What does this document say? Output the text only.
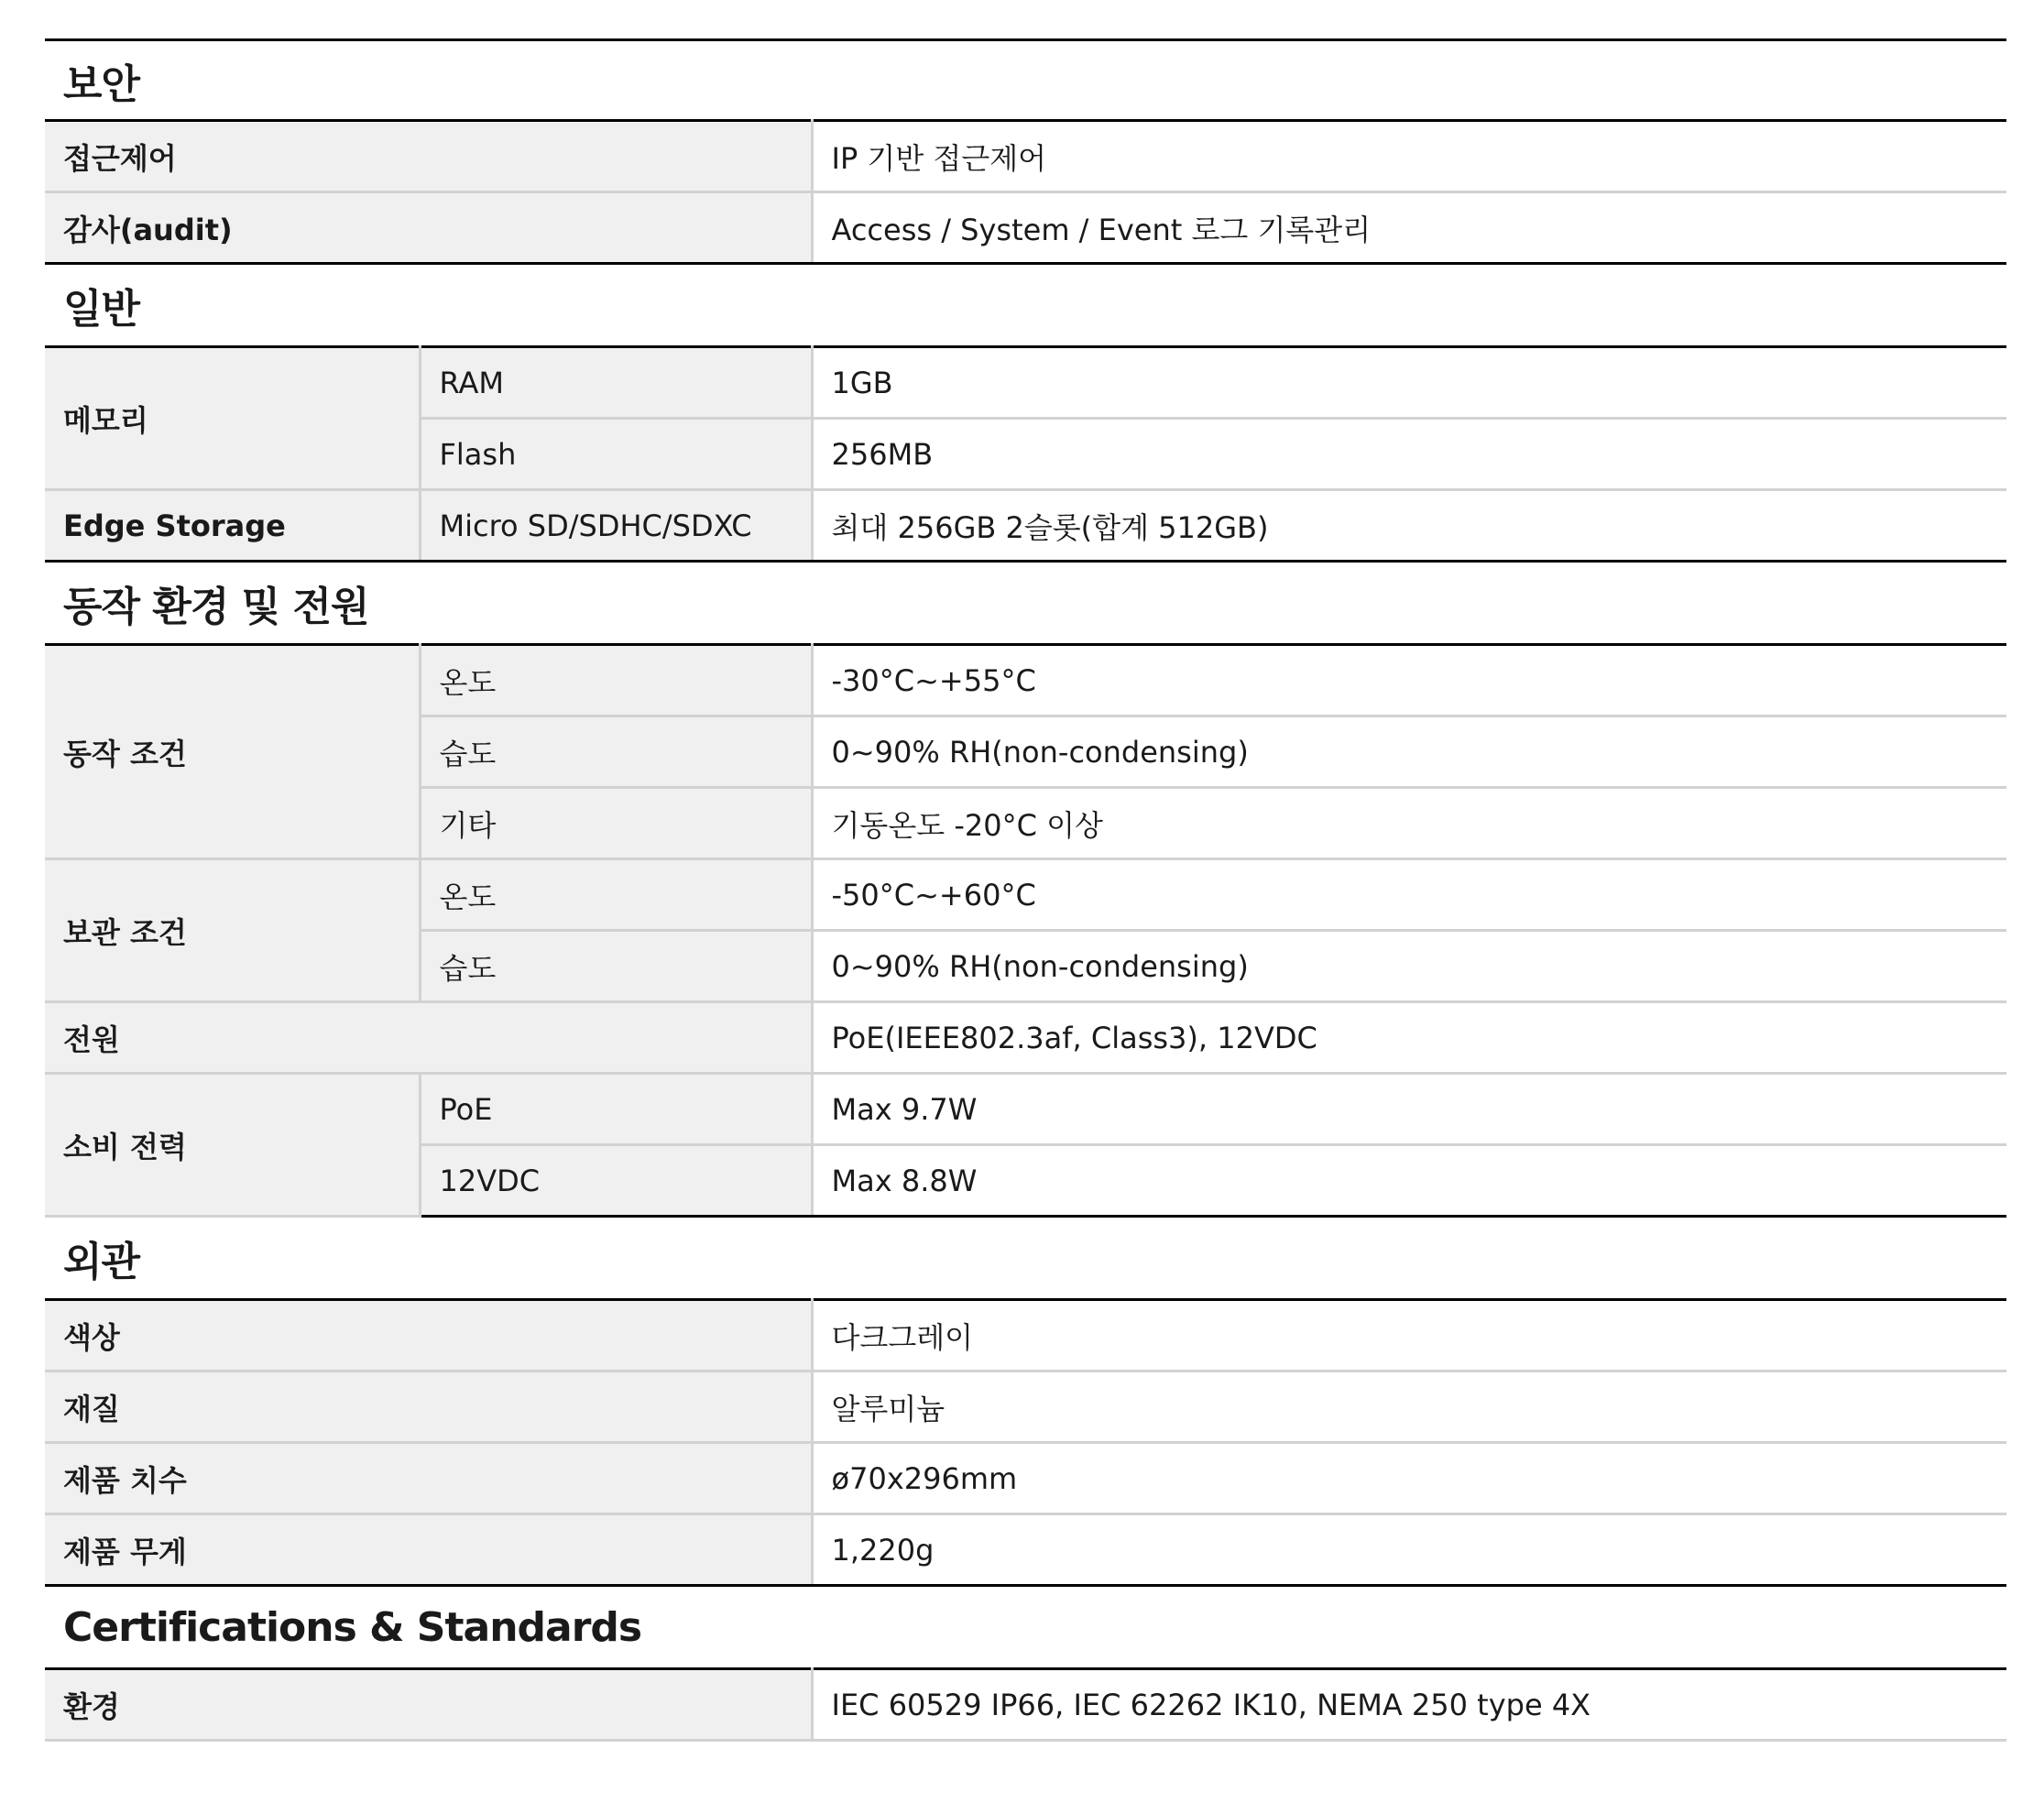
보안
접근제어	IP 기반 접근제어
감사(audit)	Access / System / Event 로그 기록관리
일반
메모리	RAM	1GB
	Flash	256MB
Edge Storage	Micro SD/SDHC/SDXC	최대 256GB 2슬롯(합계 512GB)
동작 환경 및 전원
동작 조건	온도	-30°C~+55°C
	습도	0~90% RH(non-condensing)
	기타	기동온도 -20°C 이상
보관 조건	온도	-50°C~+60°C
	습도	0~90% RH(non-condensing)
전원		PoE(IEEE802.3af, Class3), 12VDC
소비 전력	PoE	Max 9.7W
	12VDC	Max 8.8W
외관
색상	다크그레이
재질	알루미늄
제품 치수	ø70x296mm
제품 무게	1,220g
Certifications & Standards
환경	IEC 60529 IP66, IEC 62262 IK10, NEMA 250 type 4X
